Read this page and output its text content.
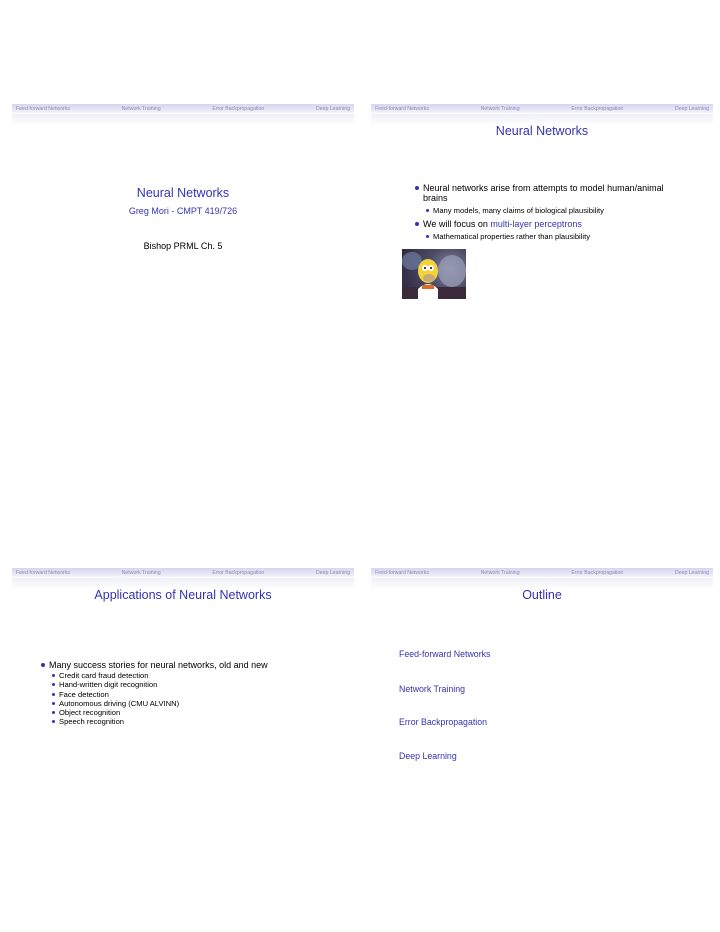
Feed-forward Networks	Network Training	Error Backpropagation	Deep Learning
Neural Networks
Greg Mori - CMPT 419/726
Bishop PRML Ch. 5
Feed-forward Networks	Network Training	Error Backpropagation	Deep Learning
Neural Networks
Neural networks arise from attempts to model human/animal brains
Many models, many claims of biological plausibility
We will focus on multi-layer perceptrons
Mathematical properties rather than plausibility
Feed-forward Networks	Network Training	Error Backpropagation	Deep Learning
Applications of Neural Networks
Many success stories for neural networks, old and new
Credit card fraud detection
Hand-written digit recognition
Face detection
Autonomous driving (CMU ALVINN)
Object recognition
Speech recognition
Feed-forward Networks	Network Training	Error Backpropagation	Deep Learning
Outline
Feed-forward Networks
Network Training
Error Backpropagation
Deep Learning
